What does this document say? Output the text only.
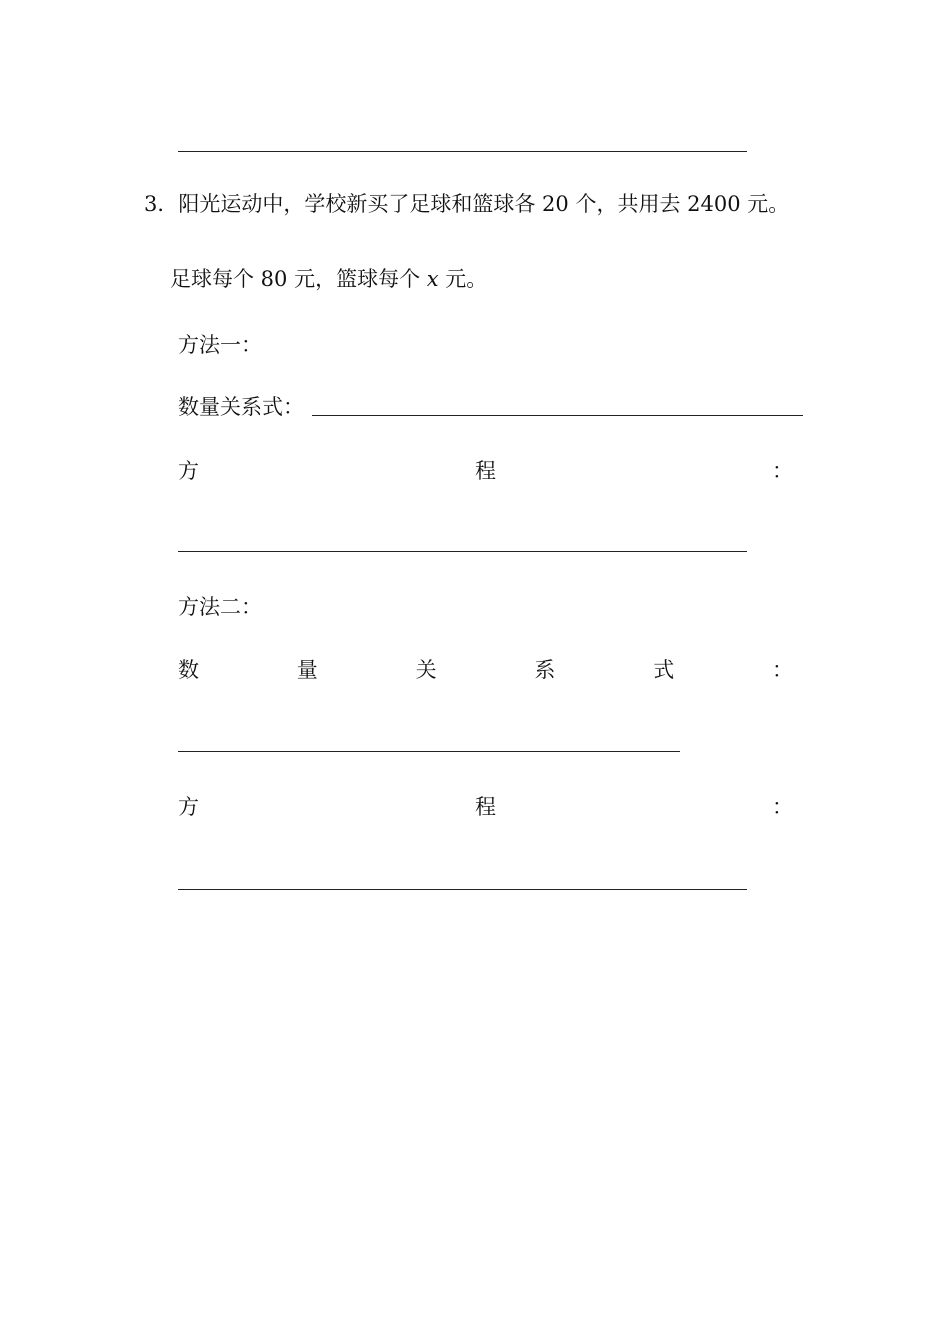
3．阳光运动中，学校新买了足球和篮球各 20 个，共用去 2400 元。
足球每个 80 元，篮球每个 x 元。
方法一：
数量关系式：
方	程	：
方法二：
数	量	关	系	式	：
方	程	：
